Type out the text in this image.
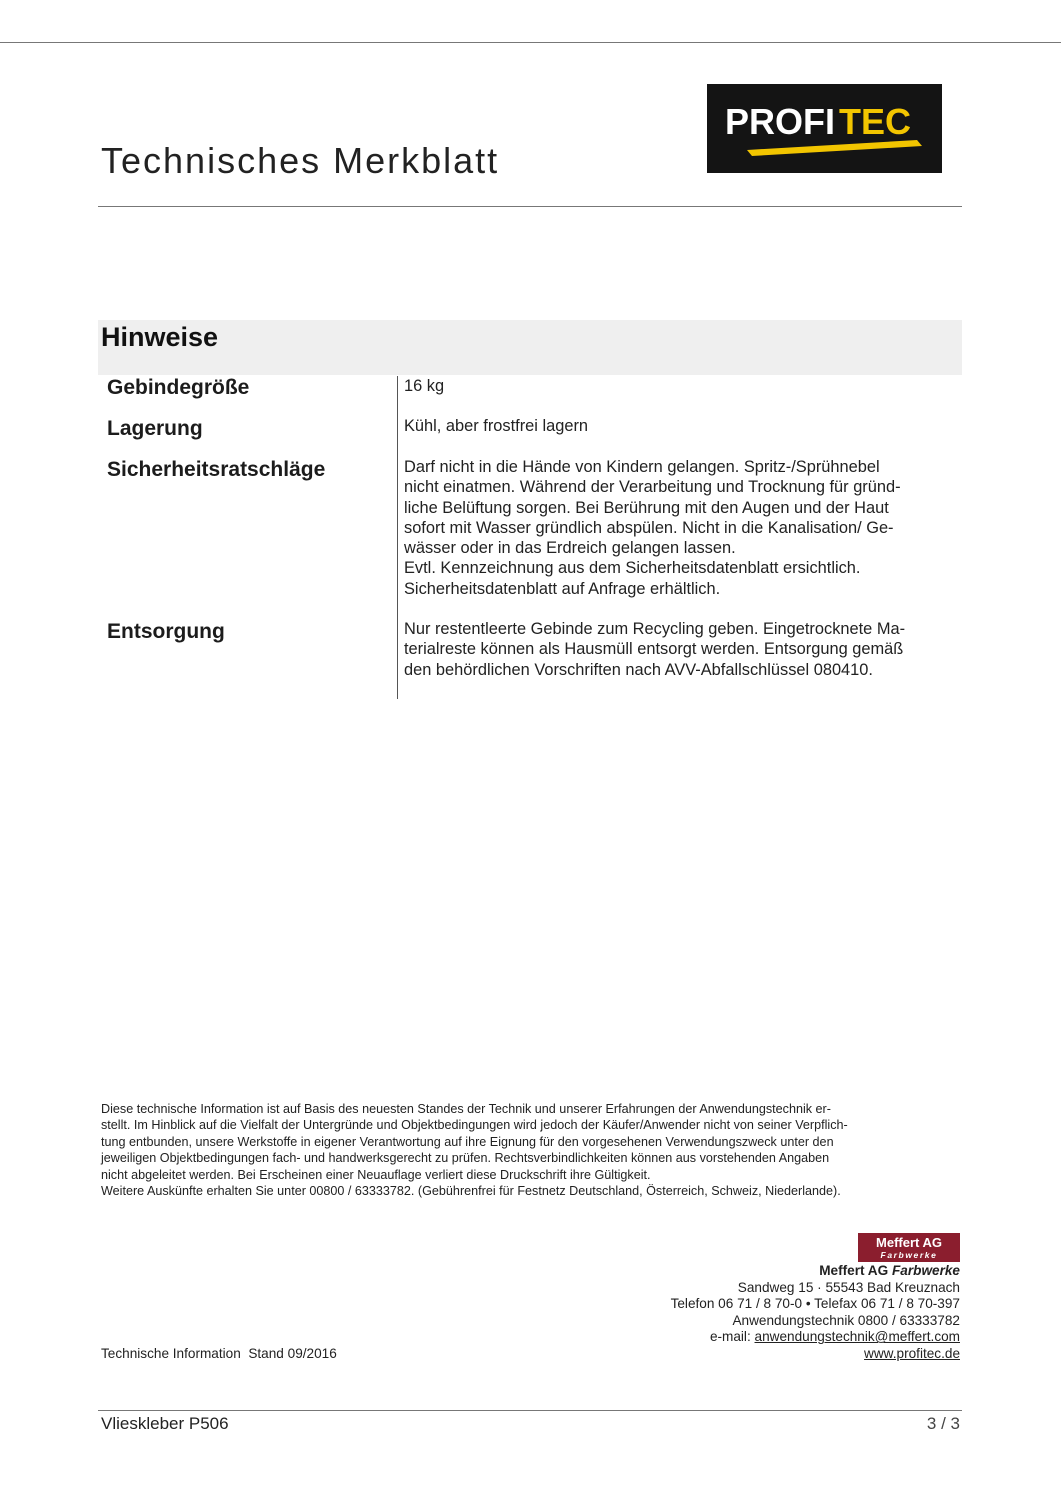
Technisches Merkblatt
PROFI TEC
Hinweise
Gebindegröße	16 kg
Lagerung	Kühl, aber frostfrei lagern
Sicherheitsratschläge	Darf nicht in die Hände von Kindern gelangen. Spritz-/Sprühnebel
nicht einatmen. Während der Verarbeitung und Trocknung für gründ-
liche Belüftung sorgen. Bei Berührung mit den Augen und der Haut
sofort mit Wasser gründlich abspülen. Nicht in die Kanalisation/ Ge-
wässer oder in das Erdreich gelangen lassen.
Evtl. Kennzeichnung aus dem Sicherheitsdatenblatt ersichtlich.
Sicherheitsdatenblatt auf Anfrage erhältlich.
Entsorgung	Nur restentleerte Gebinde zum Recycling geben. Eingetrocknete Ma-
terialreste können als Hausmüll entsorgt werden. Entsorgung gemäß
den behördlichen Vorschriften nach AVV-Abfallschlüssel 080410.
Diese technische Information ist auf Basis des neuesten Standes der Technik und unserer Erfahrungen der Anwendungstechnik er-
stellt. Im Hinblick auf die Vielfalt der Untergründe und Objektbedingungen wird jedoch der Käufer/Anwender nicht von seiner Verpflich-
tung entbunden, unsere Werkstoffe in eigener Verantwortung auf ihre Eignung für den vorgesehenen Verwendungszweck unter den
jeweiligen Objektbedingungen fach- und handwerksgerecht zu prüfen. Rechtsverbindlichkeiten können aus vorstehenden Angaben
nicht abgeleitet werden. Bei Erscheinen einer Neuauflage verliert diese Druckschrift ihre Gültigkeit.
Weitere Auskünfte erhalten Sie unter 00800 / 63333782. (Gebührenfrei für Festnetz Deutschland, Österreich, Schweiz, Niederlande).
Meffert AG
Farbwerke
Meffert AG Farbwerke
Sandweg 15 · 55543 Bad Kreuznach
Telefon 06 71 / 8 70-0 • Telefax 06 71 / 8 70-397
Anwendungstechnik 0800 / 63333782
e-mail: anwendungstechnik@meffert.com
www.profitec.de
Technische Information  Stand 09/2016
Vlieskleber P506	3 / 3
